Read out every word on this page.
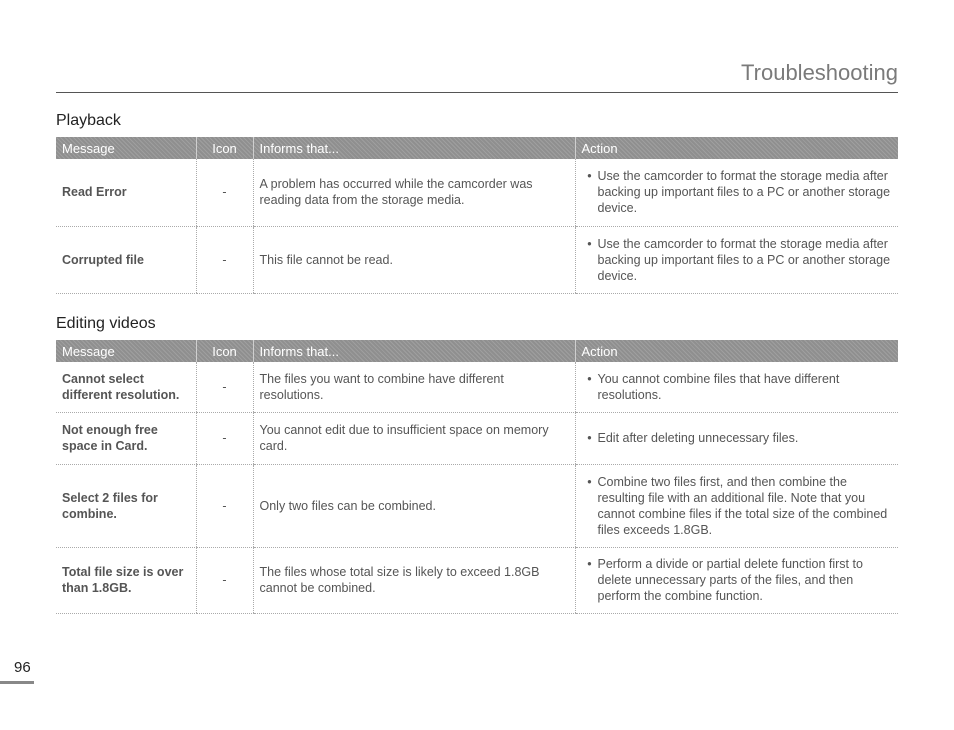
Troubleshooting
Playback
Message	Icon	Informs that...	Action
Read Error	-	A problem has occurred while the camcorder was reading data from the storage media.	• Use the camcorder to format the storage media after backing up important files to a PC or another storage device.

Corrupted file	-	This file cannot be read.	• Use the camcorder to format the storage media after backing up important files to a PC or another storage device.
Editing videos
Message	Icon	Informs that...	Action
Cannot select different resolution.	-	The files you want to combine have different resolutions.	• You cannot combine files that have different resolutions.

Not enough free space in Card.	-	You cannot edit due to insufficient space on memory card.	• Edit after deleting unnecessary files.

Select 2 files for combine.	-	Only two files can be combined.	• Combine two files first, and then combine the resulting file with an additional file. Note that you cannot combine files if the total size of the combined files exceeds 1.8GB.

Total file size is over than 1.8GB.	-	The files whose total size is likely to exceed 1.8GB cannot be combined.	• Perform a divide or partial delete function first to delete unnecessary parts of the files, and then perform the combine function.
96
